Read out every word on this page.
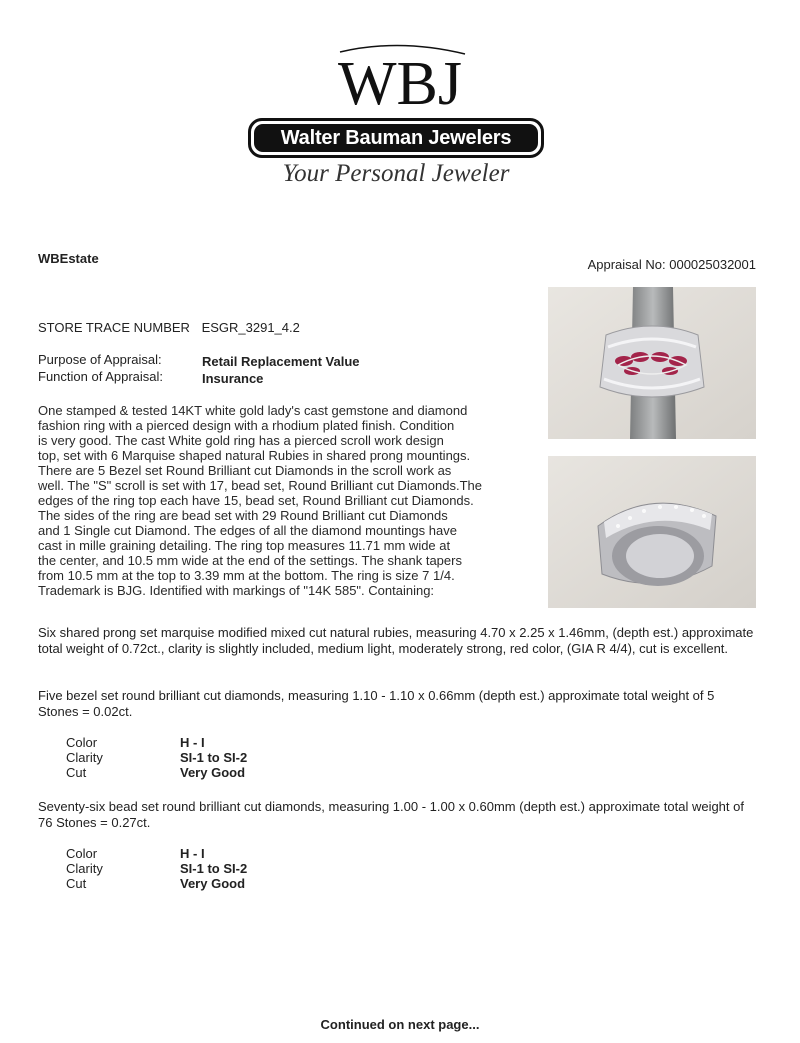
WBJ
Walter Bauman Jewelers
Your Personal Jeweler
WBEstate	Appraisal No: 000025032001
STORE TRACE NUMBER ESGR_3291_4.2
Purpose of Appraisal:	Retail Replacement Value
Function of Appraisal:	Insurance
One stamped & tested 14KT white gold lady's cast gemstone and diamond
fashion ring with a pierced design with a rhodium plated finish. Condition
is very good. The cast White gold ring has a pierced scroll work design
top, set with 6 Marquise shaped natural Rubies in shared prong mountings.
There are 5 Bezel set Round Brilliant cut Diamonds in the scroll work as
well. The "S" scroll is set with 17, bead set, Round Brilliant cut Diamonds.The
edges of the ring top each have 15, bead set, Round Brilliant cut Diamonds.
The sides of the ring are bead set with 29 Round Brilliant cut Diamonds
and 1 Single cut Diamond. The edges of all the diamond mountings have
cast in mille graining detailing. The ring top measures 11.71 mm wide at
the center, and 10.5 mm wide at the end of the settings. The shank tapers
from 10.5 mm at the top to 3.39 mm at the bottom. The ring is size 7 1/4.
Trademark is BJG. Identified with markings of "14K 585". Containing:
Six shared prong set marquise modified mixed cut natural rubies, measuring 4.70 x 2.25 x 1.46mm, (depth est.) approximate total weight of 0.72ct., clarity is slightly included, medium light, moderately strong, red color, (GIA R 4/4), cut is excellent.
Five bezel set round brilliant cut diamonds, measuring 1.10 - 1.10 x 0.66mm (depth est.) approximate total weight of 5 Stones = 0.02ct.
Color	H - I
Clarity	SI-1 to SI-2
Cut	Very Good
Seventy-six bead set round brilliant cut diamonds, measuring 1.00 - 1.00 x 0.60mm (depth est.) approximate total weight of 76 Stones = 0.27ct.
Color	H - I
Clarity	SI-1 to SI-2
Cut	Very Good
Continued on next page...
